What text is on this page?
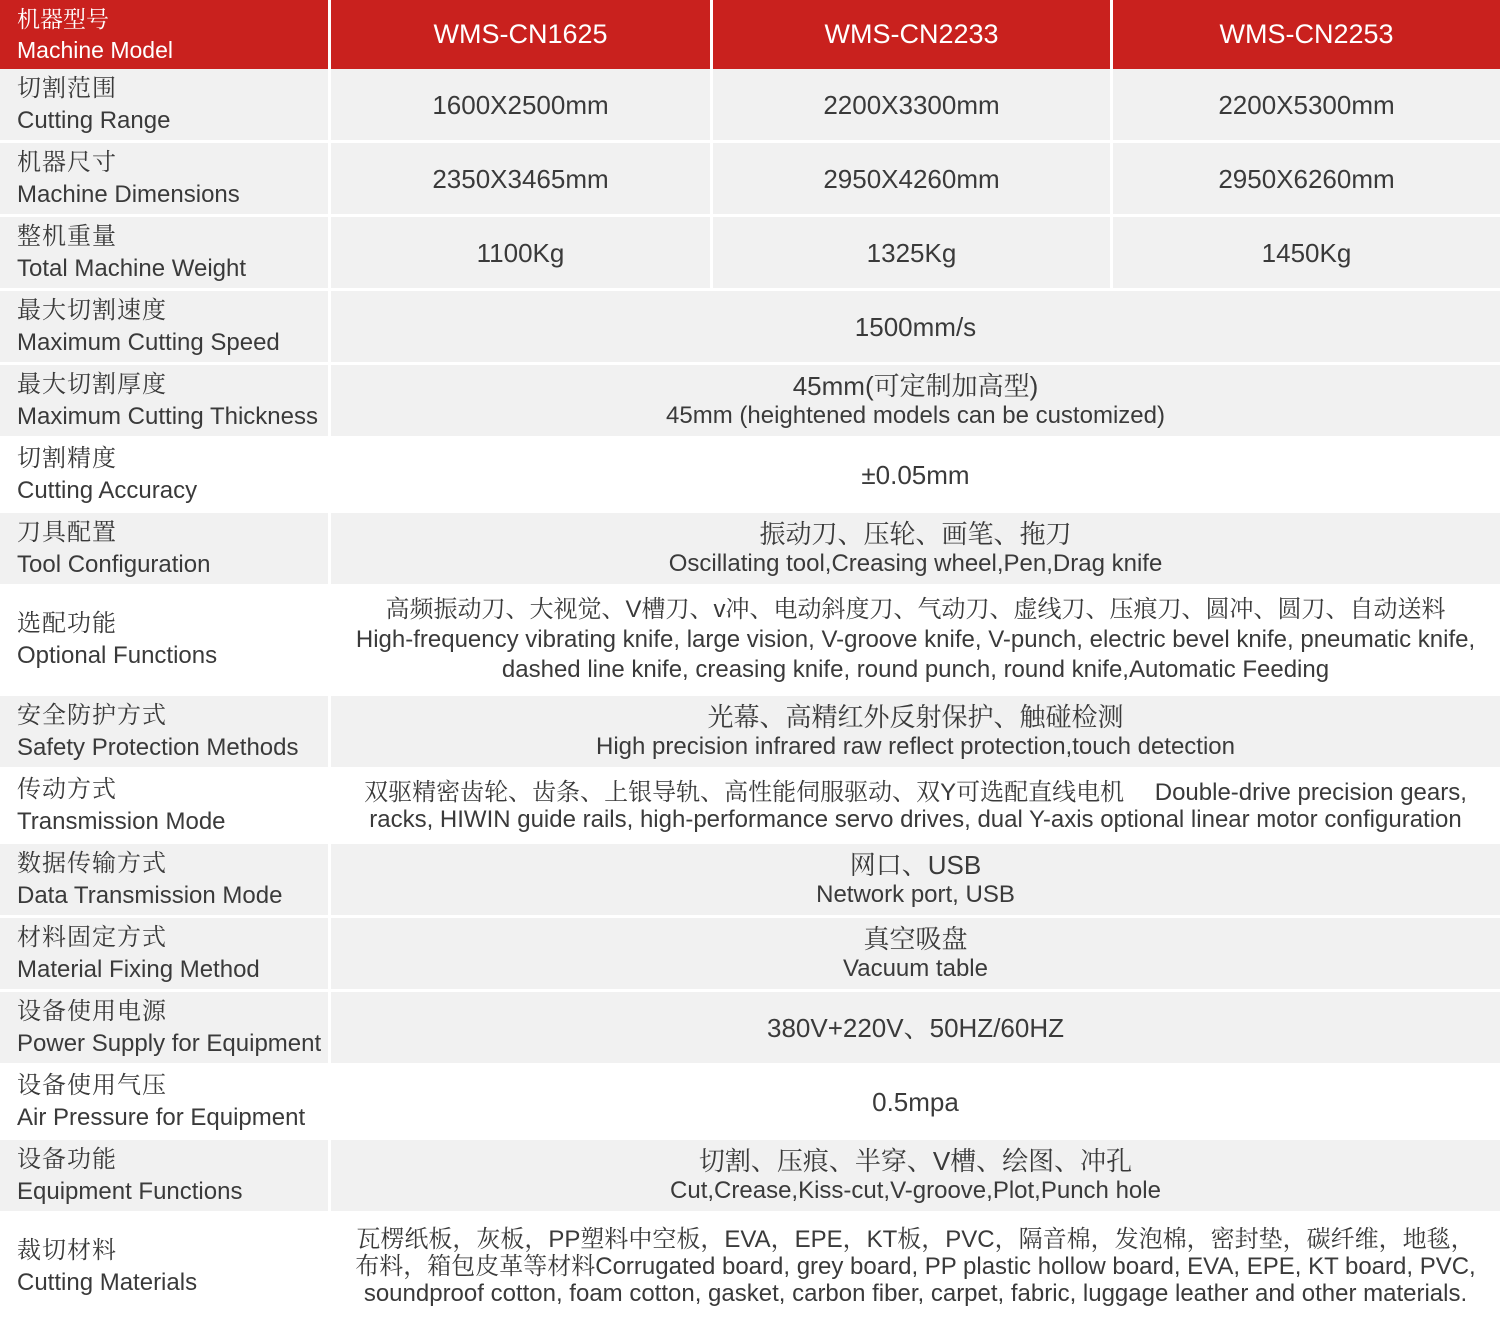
机器型号
Machine Model	WMS-CN1625	WMS-CN2233	WMS-CN2253

切割范围
Cutting Range	1600X2500mm	2200X3300mm	2200X5300mm

机器尺寸
Machine Dimensions	2350X3465mm	2950X4260mm	2950X6260mm

整机重量
Total Machine Weight	1100Kg	1325Kg	1450Kg

最大切割速度
Maximum Cutting Speed	1500mm/s		

最大切割厚度
Maximum Cutting Thickness	45mm(可定制加高型)
45mm (heightened models can be customized)		

切割精度
Cutting Accuracy	±0.05mm		

刀具配置
Tool Configuration	振动刀、压轮、画笔、拖刀
Oscillating tool,Creasing wheel,Pen,Drag knife		

选配功能
Optional Functions	高频振动刀、大视觉、V槽刀、v冲、电动斜度刀、气动刀、虚线刀、压痕刀、圆冲、圆刀、自动送料
High-frequency vibrating knife, large vision, V-groove knife, V-punch, electric bevel knife, pneumatic knife,
dashed line knife, creasing knife, round punch, round knife,Automatic Feeding		

安全防护方式
Safety Protection Methods	光幕、高精红外反射保护、触碰检测
High precision infrared raw reflect protection,touch detection		

传动方式
Transmission Mode	双驱精密齿轮、齿条、上银导轨、高性能伺服驱动、双Y可选配直线电机　 Double-drive precision gears,
racks, HIWIN guide rails, high-performance servo drives, dual Y-axis optional linear motor configuration		

数据传输方式
Data Transmission Mode	网口、USB
Network port, USB		

材料固定方式
Material Fixing Method	真空吸盘
Vacuum table		

设备使用电源
Power Supply for Equipment	380V+220V、50HZ/60HZ		

设备使用气压
Air Pressure for Equipment	0.5mpa		

设备功能
Equipment Functions	切割、压痕、半穿、V槽、绘图、冲孔
Cut,Crease,Kiss-cut,V-groove,Plot,Punch hole		

裁切材料
Cutting Materials	瓦楞纸板，灰板，PP塑料中空板，EVA，EPE，KT板，PVC，隔音棉，发泡棉，密封垫，碳纤维，地毯，
布料，箱包皮革等材料Corrugated board, grey board, PP plastic hollow board, EVA, EPE, KT board, PVC,
soundproof cotton, foam cotton, gasket, carbon fiber, carpet, fabric, luggage leather and other materials.		
